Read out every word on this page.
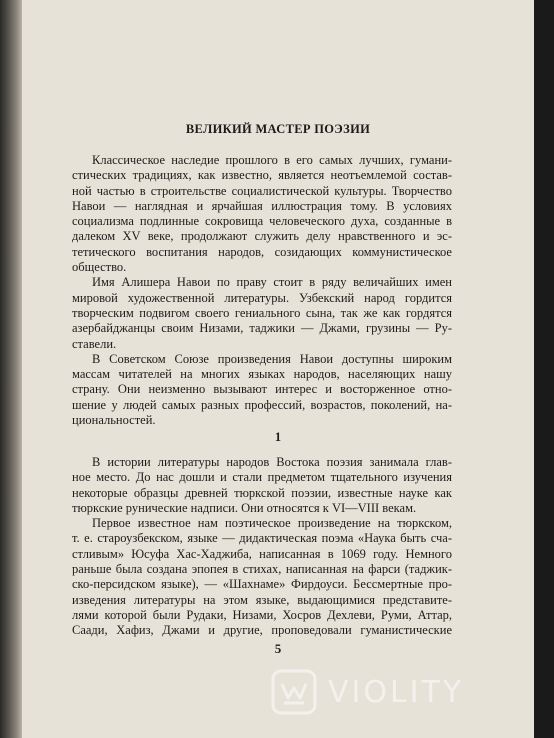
ВЕЛИКИЙ МАСТЕР ПОЭЗИИ
Классическое наследие прошлого в его самых лучших, гумани-
стических традициях, как известно, является неотъемлемой состав-
ной частью в строительстве социалистической культуры. Творчество
Навои — наглядная и ярчайшая иллюстрация тому. В условиях
социализма подлинные сокровища человеческого духа, созданные в
далеком XV веке, продолжают служить делу нравственного и эс-
тетического воспитания народов, созидающих коммунистическое
общество.
Имя Алишера Навои по праву стоит в ряду величайших имен
мировой художественной литературы. Узбекский народ гордится
творческим подвигом своего гениального сына, так же как гордятся
азербайджанцы своим Низами, таджики — Джами, грузины — Ру-
ставели.
В Советском Союзе произведения Навои доступны широким
массам читателей на многих языках народов, населяющих нашу
страну. Они неизменно вызывают интерес и восторженное отно-
шение у людей самых разных профессий, возрастов, поколений, на-
циональностей.
1
В истории литературы народов Востока поэзия занимала глав-
ное место. До нас дошли и стали предметом тщательного изучения
некоторые образцы древней тюркской поэзии, известные науке как
тюркские рунические надписи. Они относятся к VI—VIII векам.
Первое известное нам поэтическое произведение на тюркском,
т. е. староузбекском, языке — дидактическая поэма «Наука быть сча-
стливым» Юсуфа Хас-Хаджиба, написанная в 1069 году. Немного
раньше была создана эпопея в стихах, написанная на фарси (таджик-
ско-персидском языке), — «Шахнаме» Фирдоуси. Бессмертные про-
изведения литературы на этом языке, выдающимися представите-
лями которой были Рудаки, Низами, Хосров Дехлеви, Руми, Аттар,
Саади, Хафиз, Джами и другие, проповедовали гуманистические
5
VIOLITY
